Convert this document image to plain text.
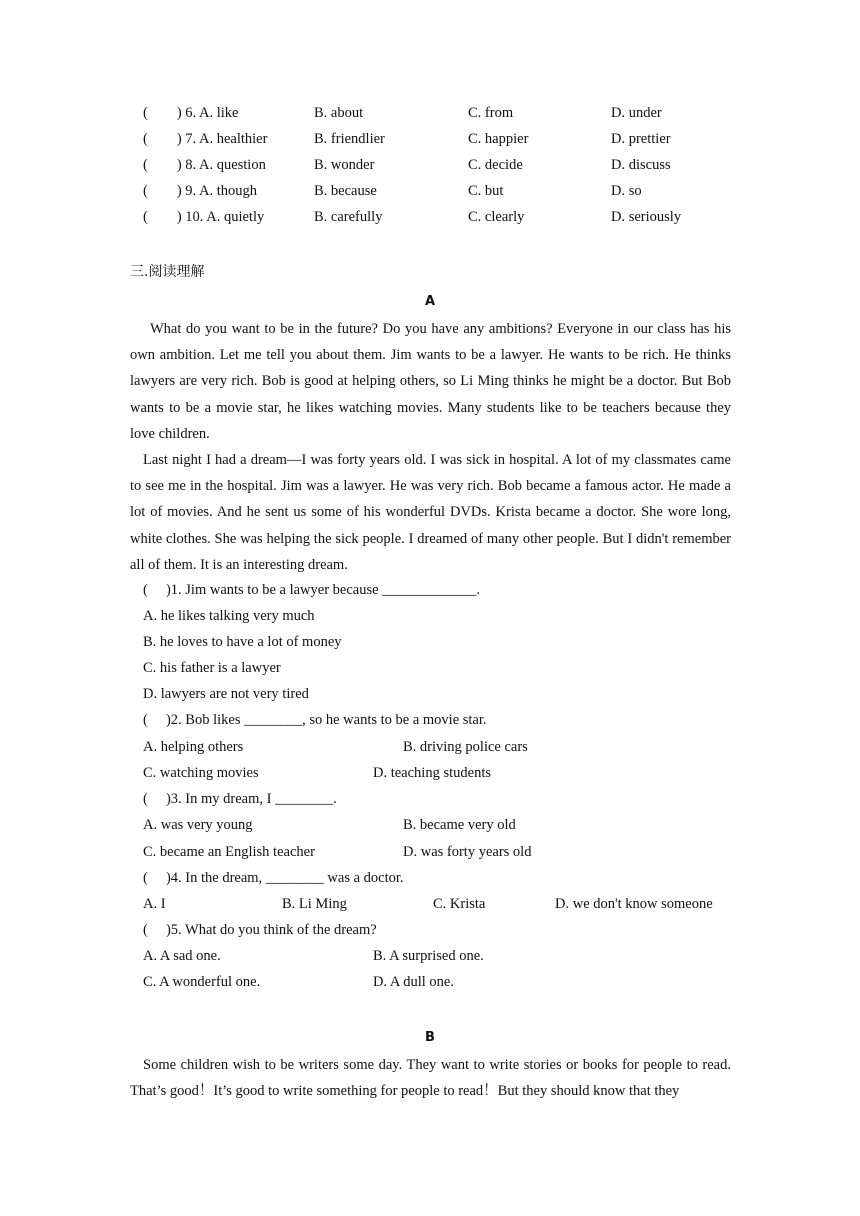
(　　) 6. A. like	B. about	C. from	D. under
(　　) 7. A. healthier	B. friendlier	C. happier	D. prettier
(　　) 8. A. question	B. wonder	C. decide	D. discuss
(　　) 9. A. though	B. because	C. but	D. so
(　　) 10. A. quietly	B. carefully	C. clearly	D. seriously
三.阅读理解
A

What do you want to be in the future? Do you have any ambitions? Everyone in our class has his own ambition. Let me tell you about them. Jim wants to be a lawyer. He wants to be rich. He thinks lawyers are very rich. Bob is good at helping others, so Li Ming thinks he might be a doctor. But Bob wants to be a movie star, he likes watching movies. Many students like to be teachers because they love children.

Last night I had a dream—I was forty years old. I was sick in hospital. A lot of my classmates came to see me in the hospital. Jim was a lawyer. He was very rich. Bob became a famous actor. He made a lot of movies. And he sent us some of his wonderful DVDs. Krista became a doctor. She wore long, white clothes. She was helping the sick people. I dreamed of many other people. But I didn't remember all of them. It is an interesting dream.

(　 )1. Jim wants to be a lawyer because _____________.
A. he likes talking very much
B. he loves to have a lot of money
C. his father is a lawyer
D. lawyers are not very tired
(　 )2. Bob likes ________, so he wants to be a movie star.
A. helping others	B. driving police cars
C. watching movies	D. teaching students
(　 )3. In my dream, I ________.
A. was very young	B. became very old
C. became an English teacher	D. was forty years old
(　 )4. In the dream, ________ was a doctor.
A. I	B. Li Ming	C. Krista	D. we don't know someone
(　 )5. What do you think of the dream?
A. A sad one.	B. A surprised one.
C. A wonderful one.	D. A dull one.
B

Some children wish to be writers some day. They want to write stories or books for people to read. That’s good！It’s good to write something for people to read！But they should know that they
